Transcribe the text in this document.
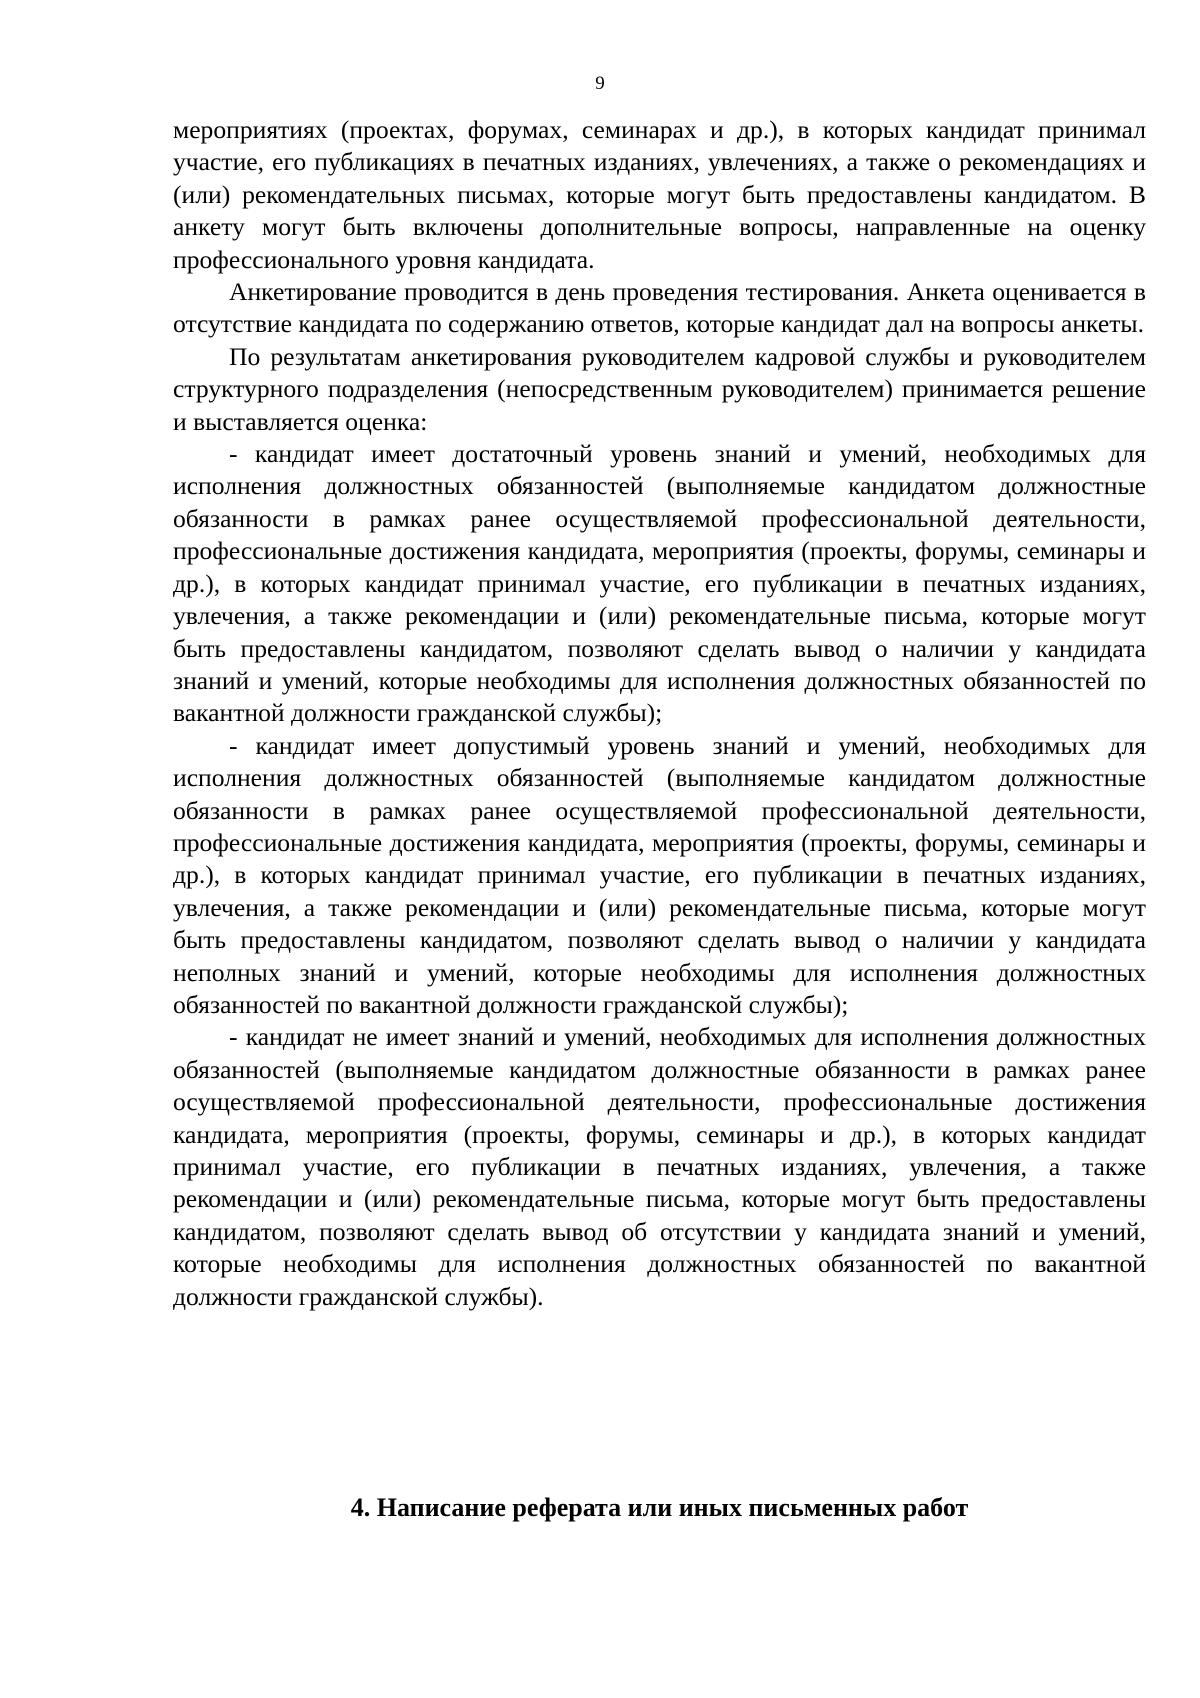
9

мероприятиях (проектах, форумах, семинарах и др.), в которых кандидат принимал участие, его публикациях в печатных изданиях, увлечениях, а также о рекомендациях и (или) рекомендательных письмах, которые могут быть предоставлены кандидатом. В анкету могут быть включены дополнительные вопросы, направленные на оценку профессионального уровня кандидата.

Анкетирование проводится в день проведения тестирования. Анкета оценивается в отсутствие кандидата по содержанию ответов, которые кандидат дал на вопросы анкеты.

По результатам анкетирования руководителем кадровой службы и руководителем структурного подразделения (непосредственным руководителем) принимается решение и выставляется оценка:

- кандидат имеет достаточный уровень знаний и умений, необходимых для исполнения должностных обязанностей (выполняемые кандидатом должностные обязанности в рамках ранее осуществляемой профессиональной деятельности, профессиональные достижения кандидата, мероприятия (проекты, форумы, семинары и др.), в которых кандидат принимал участие, его публикации в печатных изданиях, увлечения, а также рекомендации и (или) рекомендательные письма, которые могут быть предоставлены кандидатом, позволяют сделать вывод о наличии у кандидата знаний и умений, которые необходимы для исполнения должностных обязанностей по вакантной должности гражданской службы);

- кандидат имеет допустимый уровень знаний и умений, необходимых для исполнения должностных обязанностей (выполняемые кандидатом должностные обязанности в рамках ранее осуществляемой профессиональной деятельности, профессиональные достижения кандидата, мероприятия (проекты, форумы, семинары и др.), в которых кандидат принимал участие, его публикации в печатных изданиях, увлечения, а также рекомендации и (или) рекомендательные письма, которые могут быть предоставлены кандидатом, позволяют сделать вывод о наличии у кандидата неполных знаний и умений, которые необходимы для исполнения должностных обязанностей по вакантной должности гражданской службы);

- кандидат не имеет знаний и умений, необходимых для исполнения должностных обязанностей (выполняемые кандидатом должностные обязанности в рамках ранее осуществляемой профессиональной деятельности, профессиональные достижения кандидата, мероприятия (проекты, форумы, семинары и др.), в которых кандидат принимал участие, его публикации в печатных изданиях, увлечения, а также рекомендации и (или) рекомендательные письма, которые могут быть предоставлены кандидатом, позволяют сделать вывод об отсутствии у кандидата знаний и умений, которые необходимы для исполнения должностных обязанностей по вакантной должности гражданской службы).

4. Написание реферата или иных письменных работ
